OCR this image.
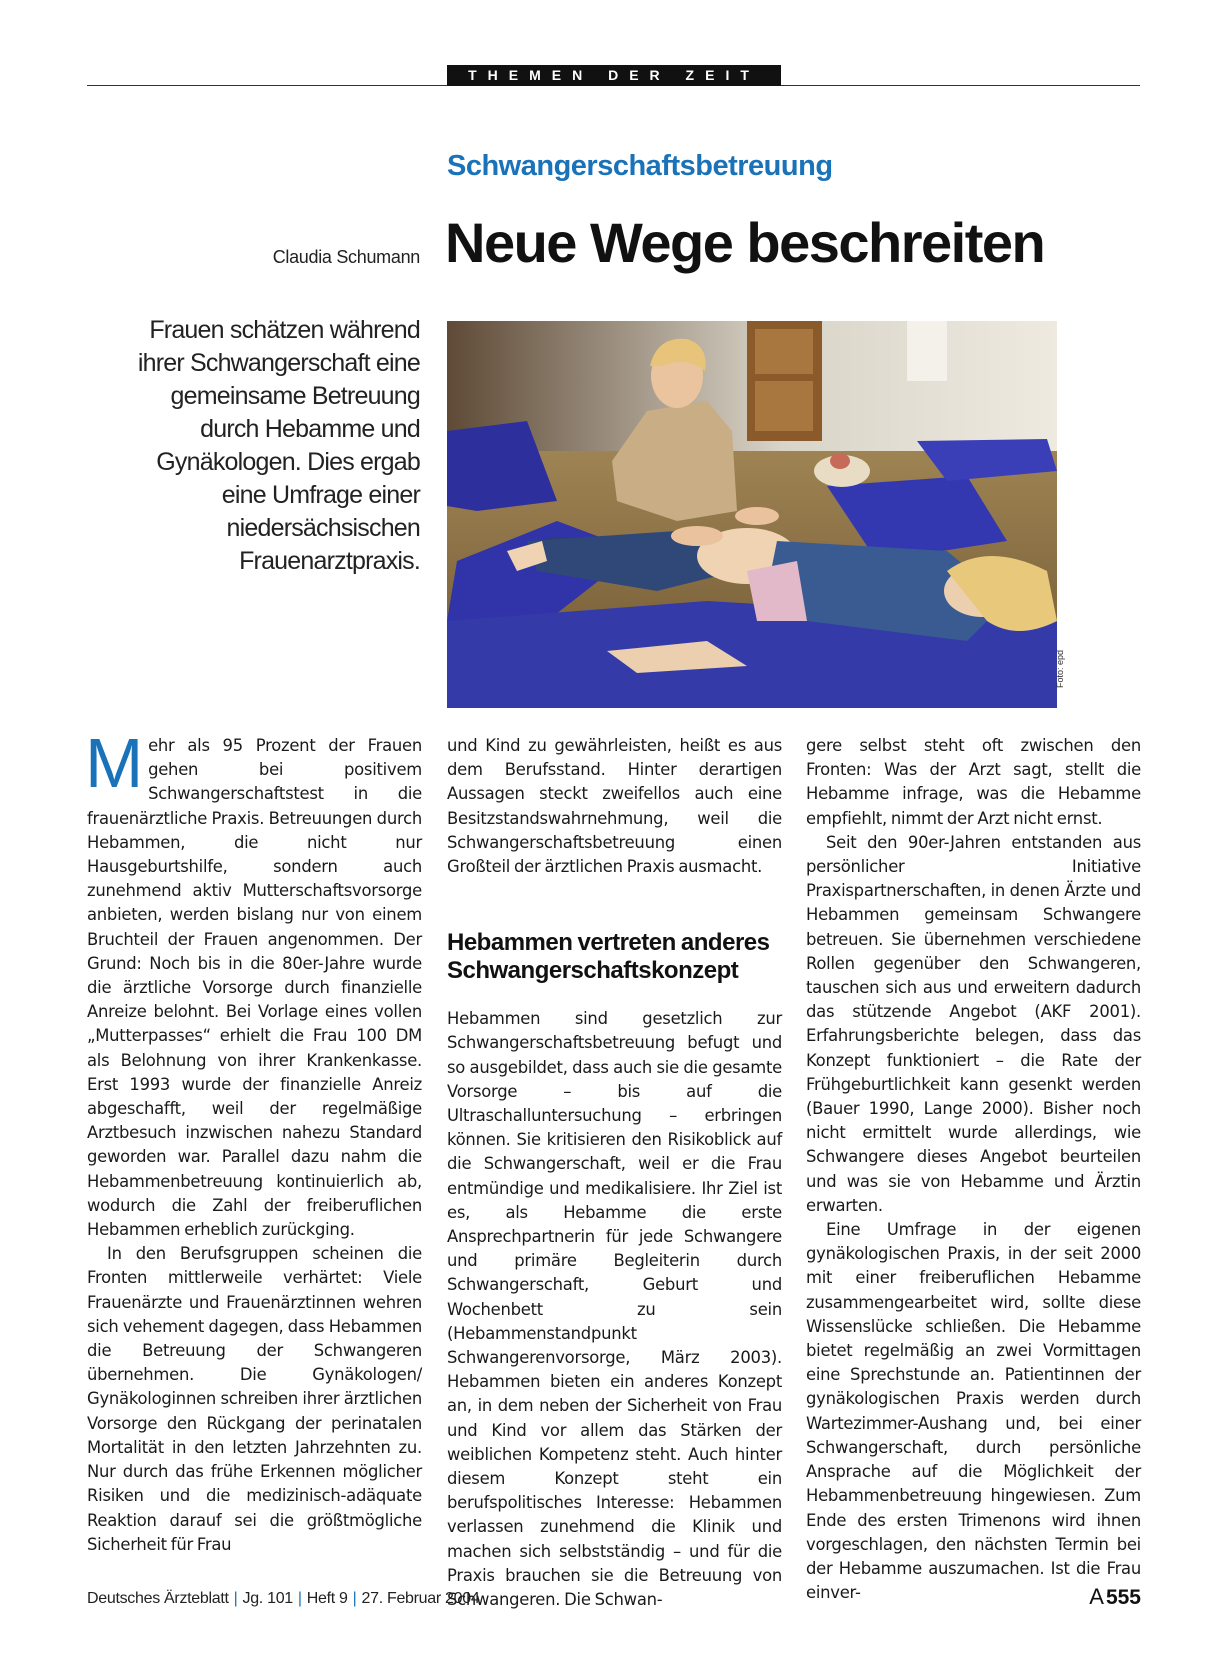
THEMEN DER ZEIT
Schwangerschaftsbetreuung
Claudia Schumann Neue Wege beschreiten
Frauen schätzen während ihrer Schwangerschaft eine gemeinsame Betreuung durch Hebamme und Gynäkologen. Dies ergab eine Umfrage einer niedersächsischen Frauenarztpraxis.
Foto: epd

Mehr als 95 Prozent der Frauen gehen bei positivem Schwangerschaftstest in die frauenärztliche Praxis. Betreuungen durch Hebammen, die nicht nur Hausgeburtshilfe, sondern auch zunehmend aktiv Mutterschaftsvorsorge anbieten, werden bislang nur von einem Bruchteil der Frauen angenommen. Der Grund: Noch bis in die 80er-Jahre wurde die ärztliche Vorsorge durch finanzielle Anreize belohnt. Bei Vorlage eines vollen „Mutterpasses“ erhielt die Frau 100 DM als Belohnung von ihrer Krankenkasse. Erst 1993 wurde der finanzielle Anreiz abgeschafft, weil der regelmäßige Arztbesuch inzwischen nahezu Standard geworden war. Parallel dazu nahm die Hebammenbetreuung kontinuierlich ab, wodurch die Zahl der freiberuflichen Hebammen erheblich zurückging.

In den Berufsgruppen scheinen die Fronten mittlerweile verhärtet: Viele Frauenärzte und Frauenärztinnen wehren sich vehement dagegen, dass Hebammen die Betreuung der Schwangeren übernehmen. Die Gynäkologen/ Gynäkologinnen schreiben ihrer ärztlichen Vorsorge den Rückgang der perinatalen Mortalität in den letzten Jahrzehnten zu. Nur durch das frühe Erkennen möglicher Risiken und die medizinisch-adäquate Reaktion darauf sei die größtmögliche Sicherheit für Frau

und Kind zu gewährleisten, heißt es aus dem Berufsstand. Hinter derartigen Aussagen steckt zweifellos auch eine Besitzstandswahrnehmung, weil die Schwangerschaftsbetreuung einen Großteil der ärztlichen Praxis ausmacht.

Hebammen vertreten anderes Schwangerschaftskonzept

Hebammen sind gesetzlich zur Schwangerschaftsbetreuung befugt und so ausgebildet, dass auch sie die gesamte Vorsorge – bis auf die Ultraschalluntersuchung – erbringen können. Sie kritisieren den Risikoblick auf die Schwangerschaft, weil er die Frau entmündige und medikalisiere. Ihr Ziel ist es, als Hebamme die erste Ansprechpartnerin für jede Schwangere und primäre Begleiterin durch Schwangerschaft, Geburt und Wochenbett zu sein (Hebammenstandpunkt Schwangerenvorsorge, März 2003). Hebammen bieten ein anderes Konzept an, in dem neben der Sicherheit von Frau und Kind vor allem das Stärken der weiblichen Kompetenz steht. Auch hinter diesem Konzept steht ein berufspolitisches Interesse: Hebammen verlassen zunehmend die Klinik und machen sich selbstständig – und für die Praxis brauchen sie die Betreuung von Schwangeren. Die Schwan-

gere selbst steht oft zwischen den Fronten: Was der Arzt sagt, stellt die Hebamme infrage, was die Hebamme empfiehlt, nimmt der Arzt nicht ernst.

Seit den 90er-Jahren entstanden aus persönlicher Initiative Praxispartnerschaften, in denen Ärzte und Hebammen gemeinsam Schwangere betreuen. Sie übernehmen verschiedene Rollen gegenüber den Schwangeren, tauschen sich aus und erweitern dadurch das stützende Angebot (AKF 2001). Erfahrungsberichte belegen, dass das Konzept funktioniert – die Rate der Frühgeburtlichkeit kann gesenkt werden (Bauer 1990, Lange 2000). Bisher noch nicht ermittelt wurde allerdings, wie Schwangere dieses Angebot beurteilen und was sie von Hebamme und Ärztin erwarten.

Eine Umfrage in der eigenen gynäkologischen Praxis, in der seit 2000 mit einer freiberuflichen Hebamme zusammengearbeitet wird, sollte diese Wissenslücke schließen. Die Hebamme bietet regelmäßig an zwei Vormittagen eine Sprechstunde an. Patientinnen der gynäkologischen Praxis werden durch Wartezimmer-Aushang und, bei einer Schwangerschaft, durch persönliche Ansprache auf die Möglichkeit der Hebammenbetreuung hingewiesen. Zum Ende des ersten Trimenons wird ihnen vorgeschlagen, den nächsten Termin bei der Hebamme auszumachen. Ist die Frau einver-

Deutsches Ärzteblatt | Jg. 101 | Heft 9 | 27. Februar 2004	A555
